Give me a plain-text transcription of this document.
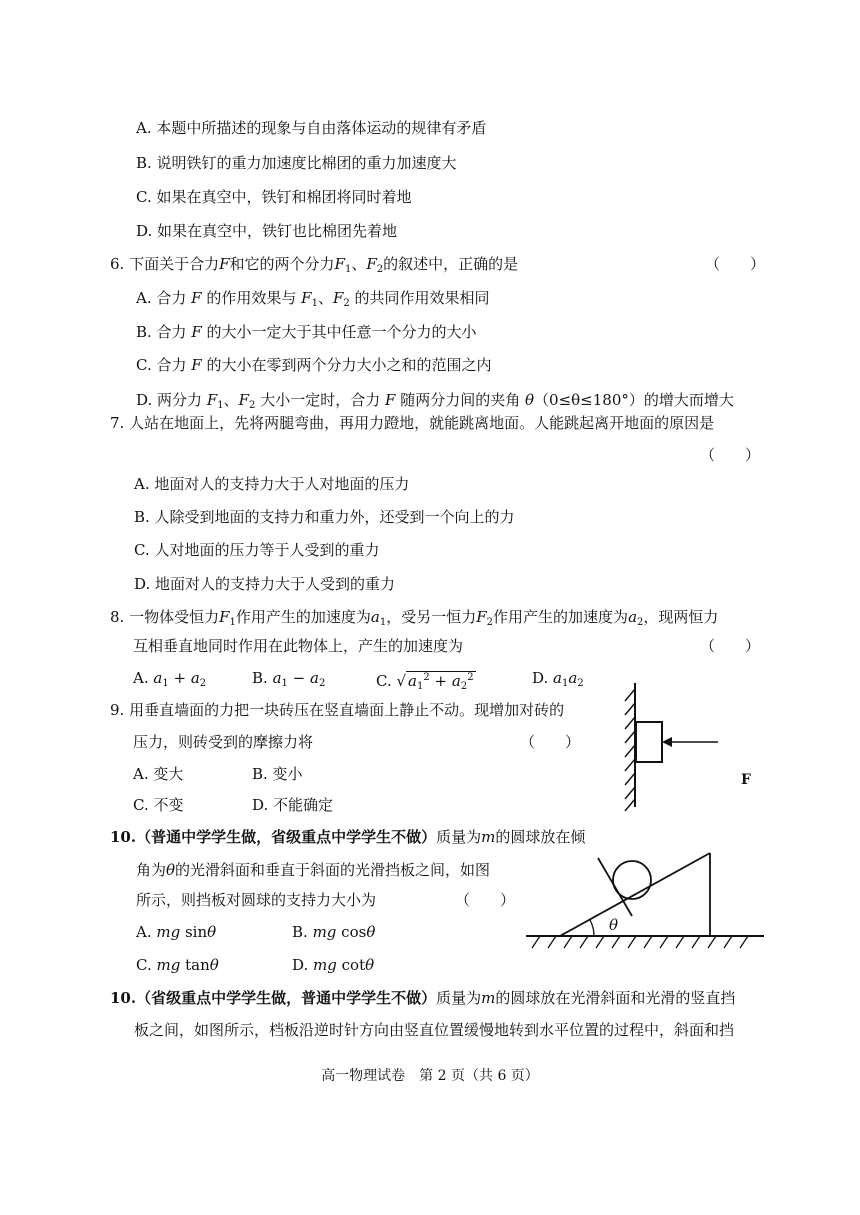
A. 本题中所描述的现象与自由落体运动的规律有矛盾
B. 说明铁钉的重力加速度比棉团的重力加速度大
C. 如果在真空中，铁钉和棉团将同时着地
D. 如果在真空中，铁钉也比棉团先着地
6. 下面关于合力F和它的两个分力$F_1$、$F_2$的叙述中，正确的是	（　　）
A. 合力 F 的作用效果与 $F_1$、$F_2$ 的共同作用效果相同
B. 合力 F 的大小一定大于其中任意一个分力的大小
C. 合力 F 的大小在零到两个分力大小之和的范围之内
D. 两分力 $F_1$、$F_2$ 大小一定时，合力 F 随两分力间的夹角 θ（0≤θ≤180°）的增大而增大
7. 人站在地面上，先将两腿弯曲，再用力蹬地，就能跳离地面。人能跳起离开地面的原因是
（　　）
A. 地面对人的支持力大于人对地面的压力
B. 人除受到地面的支持力和重力外，还受到一个向上的力
C. 人对地面的压力等于人受到的重力
D. 地面对人的支持力大于人受到的重力
8. 一物体受恒力$F_1$作用产生的加速度为$a_1$，受另一恒力$F_2$作用产生的加速度为$a_2$，现两恒力
互相垂直地同时作用在此物体上，产生的加速度为	（　　）
A. $a_1 + a_2$	B. $a_1 - a_2$	C. √ $a_1^2 + a_2^2$	D. $a_1a_2$
9. 用垂直墙面的力把一块砖压在竖直墙面上静止不动。现增加对砖的
压力，则砖受到的摩擦力将	（　　）
A. 变大	B. 变小
C. 不变	D. 不能确定
F
10.（普通中学学生做，省级重点中学学生不做）质量为m的圆球放在倾
角为θ的光滑斜面和垂直于斜面的光滑挡板之间，如图
所示，则挡板对圆球的支持力大小为	（　　）
A. mg sinθ	B. mg cosθ
C. mg tanθ	D. mg cotθ
θ
10.（省级重点中学学生做，普通中学学生不做）质量为m的圆球放在光滑斜面和光滑的竖直挡
板之间，如图所示，档板沿逆时针方向由竖直位置缓慢地转到水平位置的过程中，斜面和挡
高一物理试卷　第 2 页（共 6 页）
